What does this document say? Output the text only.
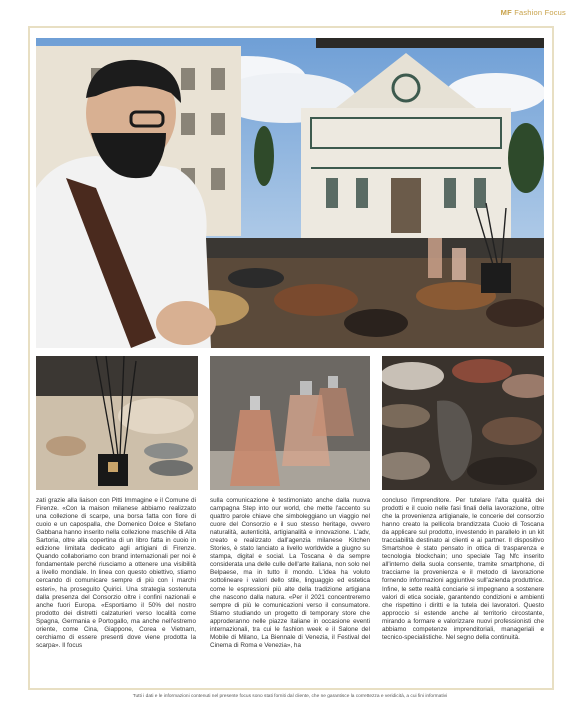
MF Fashion Focus
zati grazie alla liaison con Pitti Immagine e il Comune di Firenze. «Con la maison milanese abbiamo realizzato una collezione di scarpe, una borsa fatta con fiore di cuoio e un capospalla, che Domenico Dolce e Stefano Gabbana hanno inserito nella collezione maschile di Alta Sartoria, oltre alla copertina di un libro fatta in cuoio in edizione limitata dedicato agli artigiani di Firenze. Quando collaboriamo con brand internazionali per noi è fondamentale perché riusciamo a ottenere una visibilità a livello mondiale. In linea con questo obiettivo, stiamo cercando di comunicare sempre di più con i marchi esteri», ha proseguito Quirici. Una strategia sostenuta dalla presenza del Consorzio oltre i confini nazionali e anche fuori Europa. «Esportiamo il 50% del nostro prodotto dei distretti calzaturieri verso località come Spagna, Germania e Portogallo, ma anche nell'estremo oriente, come Cina, Giappone, Corea e Vietnam, cerchiamo di essere presenti dove viene prodotta la scarpa». Il focus
sulla comunicazione è testimoniato anche dalla nuova campagna Step into our world, che mette l'accento su quattro parole chiave che simboleggiano un viaggio nel cuore del Consorzio e il suo stesso heritage, ovvero naturalità, autenticità, artigianalità e innovazione. L'adv, creato e realizzato dall'agenzia milanese Kitchen Stories, è stato lanciato a livello worldwide a giugno su stampa, digital e social. La Toscana è da sempre considerata una delle culle dell'arte italiana, non solo nel Belpaese, ma in tutto il mondo. L'idea ha voluto sottolineare i valori dello stile, linguaggio ed estetica come le espressioni più alte della tradizione artigiana che nascono dalla natura. «Per il 2021 concentreremo sempre di più le comunicazioni verso il consumatore. Stiamo studiando un progetto di temporary store che approderanno nelle piazze italiane in occasione eventi internazionali, tra cui le fashion week e il Salone del Mobile di Milano, La Biennale di Venezia, il Festival del Cinema di Roma e Venezia», ha
concluso l'imprenditore. Per tutelare l'alta qualità dei prodotti e il cuoio nelle fasi finali della lavorazione, oltre che la provenienza artigianale, le concerie del consorzio hanno creato la pellicola brandizzata Cuoio di Toscana da applicare sul prodotto, investendo in parallelo in un kit tracciabilità destinato ai clienti e ai partner. Il dispositivo Smartshoe è stato pensato in ottica di trasparenza e tecnologia blockchain; uno speciale Tag Nfc inserito all'interno della suola consente, tramite smartphone, di tracciarne la provenienza e il metodo di lavorazione fornendo informazioni aggiuntive sull'azienda produttrice. Infine, le sette realtà conciarie si impegnano a sostenere valori di etica sociale, garantendo condizioni e ambienti che rispettino i diritti e la tutela dei lavoratori. Questo approccio si estende anche al territorio circostante, mirando a formare e valorizzare nuovi professionisti che abbiamo competenze imprenditoriali, manageriali e tecnico-specialistiche. Nel segno della continuità.
Tutti i dati e le informazioni contenuti nel presente focus sono stati forniti dal cliente, che ne garantisce la correttezza e veridicità, a cui fini informativi
